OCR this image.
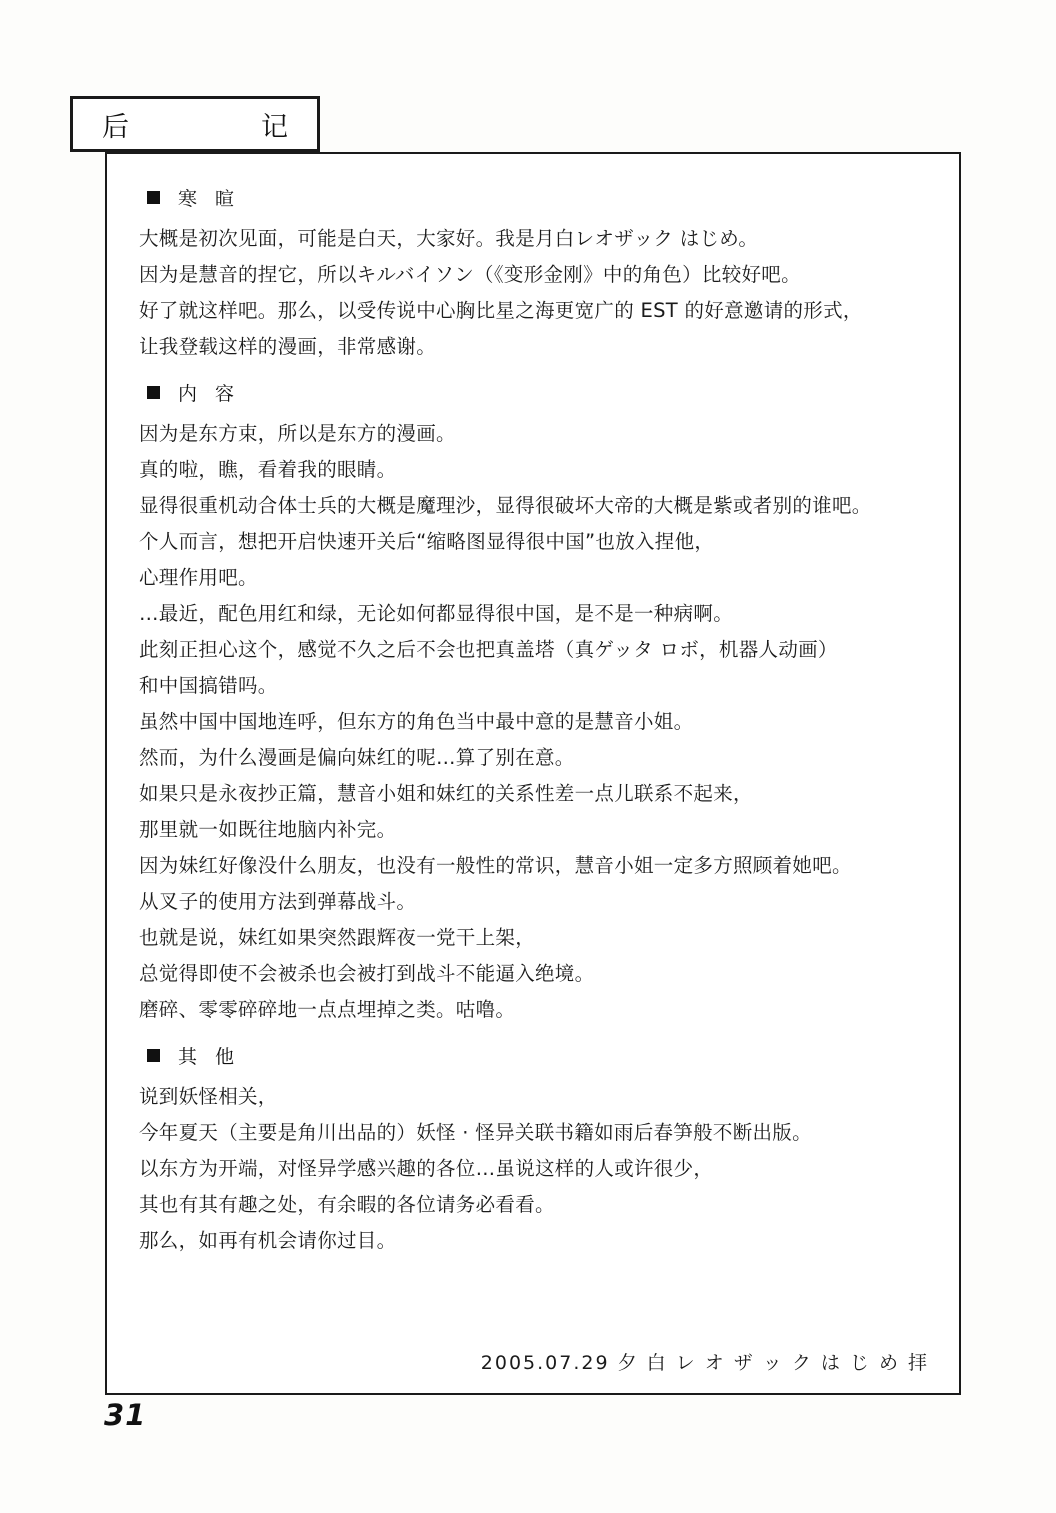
后　　记
寒 暄
大概是初次见面，可能是白天，大家好。我是月白レオザック はじめ。
因为是慧音的捏它，所以キルバイソン（《变形金刚》中的角色）比较好吧。
好了就这样吧。那么，以受传说中心胸比星之海更宽广的 EST 的好意邀请的形式，
让我登载这样的漫画，非常感谢。
内 容
因为是东方束，所以是东方的漫画。
真的啦，瞧，看着我的眼睛。
显得很重机动合体士兵的大概是魔理沙，显得很破坏大帝的大概是紫或者别的谁吧。
个人而言，想把开启快速开关后“缩略图显得很中国”也放入捏他，
心理作用吧。
…最近，配色用红和绿，无论如何都显得很中国，是不是一种病啊。
此刻正担心这个，感觉不久之后不会也把真盖塔（真ゲッタ ロボ，机器人动画）
和中国搞错吗。
虽然中国中国地连呼，但东方的角色当中最中意的是慧音小姐。
然而，为什么漫画是偏向妹红的呢…算了别在意。
如果只是永夜抄正篇，慧音小姐和妹红的关系性差一点儿联系不起来，
那里就一如既往地脑内补完。
因为妹红好像没什么朋友，也没有一般性的常识，慧音小姐一定多方照顾着她吧。
从叉子的使用方法到弹幕战斗。
也就是说，妹红如果突然跟辉夜一党干上架，
总觉得即使不会被杀也会被打到战斗不能逼入绝境。
磨碎、零零碎碎地一点点埋掉之类。咕噜。
其 他
说到妖怪相关，
今年夏天（主要是角川出品的）妖怪 · 怪异关联书籍如雨后春笋般不断出版。
以东方为开端，对怪异学感兴趣的各位…虽说这样的人或许很少，
其也有其有趣之处，有余暇的各位请务必看看。
那么，如再有机会请你过目。
2005.07.29 夕 白 レ オ ザ ッ ク は じ め 拝
31
